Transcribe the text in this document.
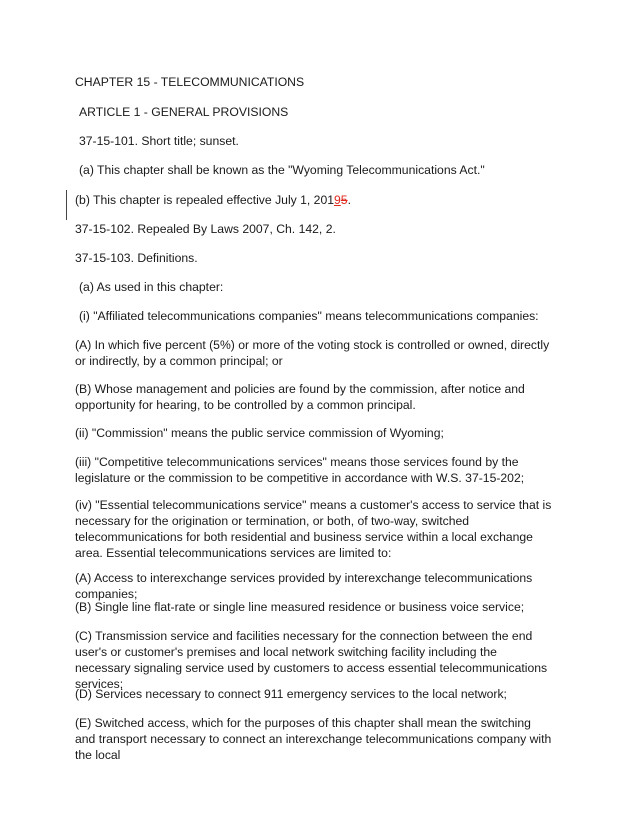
CHAPTER 15 - TELECOMMUNICATIONS

ARTICLE 1 - GENERAL PROVISIONS

37-15-101. Short title; sunset.

(a) This chapter shall be known as the "Wyoming Telecommunications Act."

(b) This chapter is repealed effective July 1, 20195.

37-15-102. Repealed By Laws 2007, Ch. 142, 2.

37-15-103. Definitions.

(a) As used in this chapter:

(i) "Affiliated telecommunications companies" means telecommunications companies:

(A) In which five percent (5%) or more of the voting stock is controlled or owned, directly or indirectly, by a common principal; or

(B) Whose management and policies are found by the commission, after notice and opportunity for hearing, to be controlled by a common principal.

(ii) "Commission" means the public service commission of Wyoming;

(iii) "Competitive telecommunications services" means those services found by the legislature or the commission to be competitive in accordance with W.S. 37-15-202;

(iv) "Essential telecommunications service" means a customer's access to service that is necessary for the origination or termination, or both, of two-way, switched telecommunications for both residential and business service within a local exchange area. Essential telecommunications services are limited to:

(A) Access to interexchange services provided by interexchange telecommunications companies;

(B) Single line flat-rate or single line measured residence or business voice service;

(C) Transmission service and facilities necessary for the connection between the end user's or customer's premises and local network switching facility including the necessary signaling service used by customers to access essential telecommunications services;

(D) Services necessary to connect 911 emergency services to the local network;

(E) Switched access, which for the purposes of this chapter shall mean the switching and transport necessary to connect an interexchange telecommunications company with the local
